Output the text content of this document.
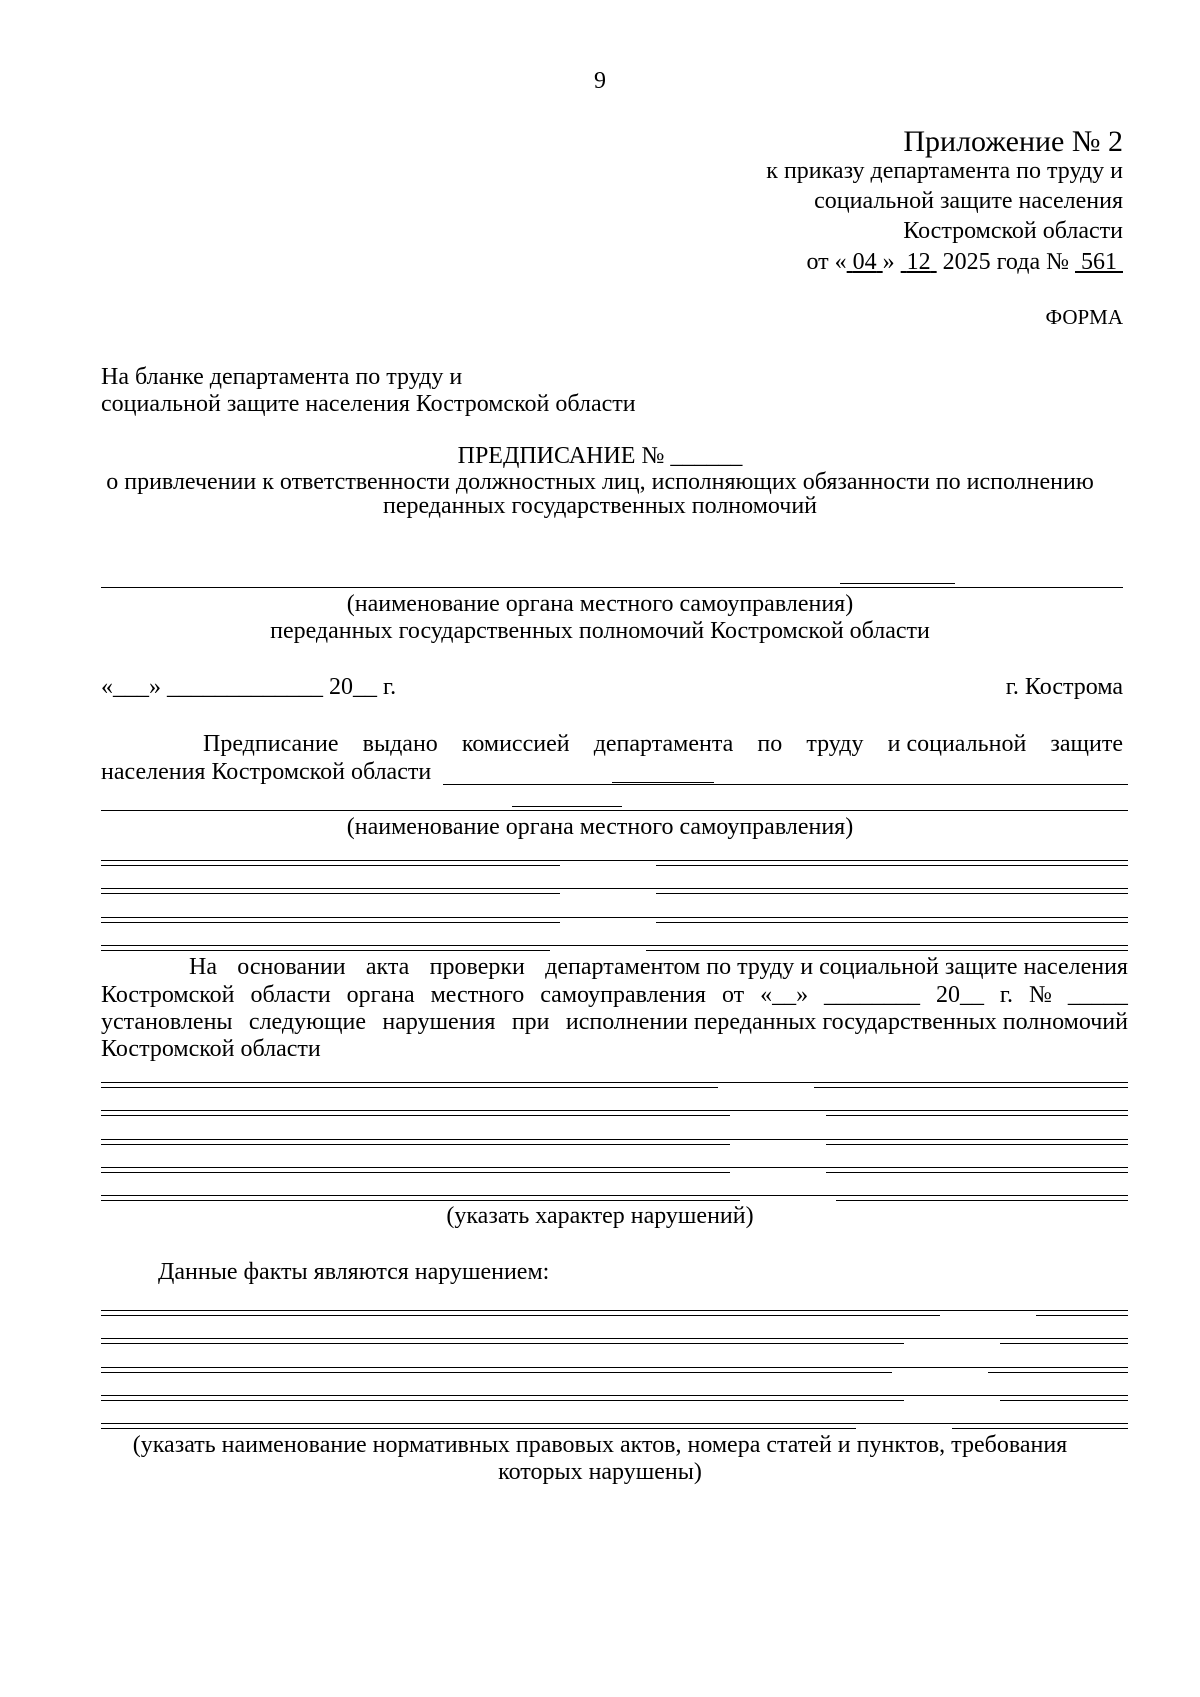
9
Приложение № 2
к приказу департамента по труду и
социальной защите населения
Костромской области
от « 04 » 12 2025 года № 561
ФОРМА
На бланке департамента по труду и
социальной защите населения Костромской области
ПРЕДПИСАНИЕ № ______
о привлечении к ответственности должностных лиц, исполняющих обязанности по исполнению
переданных государственных полномочий
(наименование органа местного самоуправления)
переданных государственных полномочий Костромской области
«___» _____________ 20__ г.	г. Кострома
Предписание выдано комиссией департамента по труду и социальной защите
населения Костромской области
(наименование органа местного самоуправления)
На основании акта проверки департаментом по труду и социальной защите населения
Костромской области органа местного самоуправления от «__» ________ 20__ г. № _____
установлены следующие нарушения при исполнении переданных государственных полномочий
Костромской области
(указать характер нарушений)
Данные факты являются нарушением:
(указать наименование нормативных правовых актов, номера статей и пунктов, требования
которых нарушены)
